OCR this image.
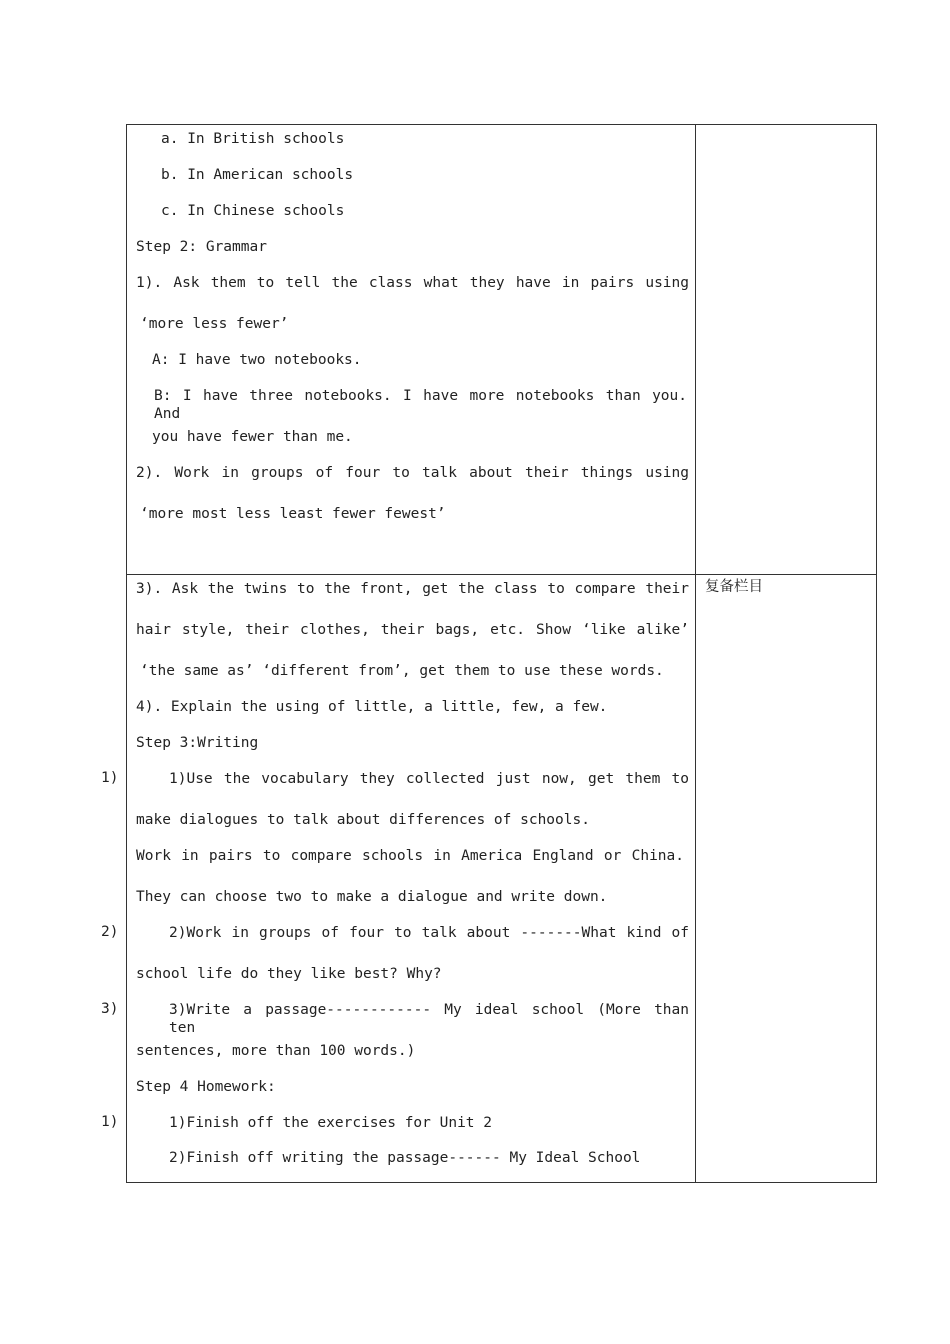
a. In British schools
b. In American schools
c. In Chinese schools
Step 2: Grammar
1). Ask them to tell the class what they have in pairs using
‘more less fewer’
A: I have two notebooks.
B: I have three notebooks. I have more notebooks than you. And
you have fewer than me.
2). Work in groups of four to talk about their things using
‘more most less least fewer fewest’
复备栏目
3). Ask the twins to the front, get the class to compare their
hair style, their clothes, their bags, etc. Show ‘like alike’
‘the same as’ ‘different from’, get them to use these words.
4). Explain the using of little, a little, few, a few.
Step 3:Writing
1)Use the vocabulary they collected just now, get them to
make dialogues to talk about differences of schools.
Work in pairs to compare schools in America England or China.
They can choose two to make a dialogue and write down.
2)Work in groups of four to talk about -------What kind of
school life do they like best? Why?
3)Write a passage------------ My ideal school (More than ten
sentences, more than 100 words.)
Step 4 Homework:
1)Finish off the exercises for Unit 2
2)Finish off writing the passage------ My Ideal School
1)
2)
3)
1)
